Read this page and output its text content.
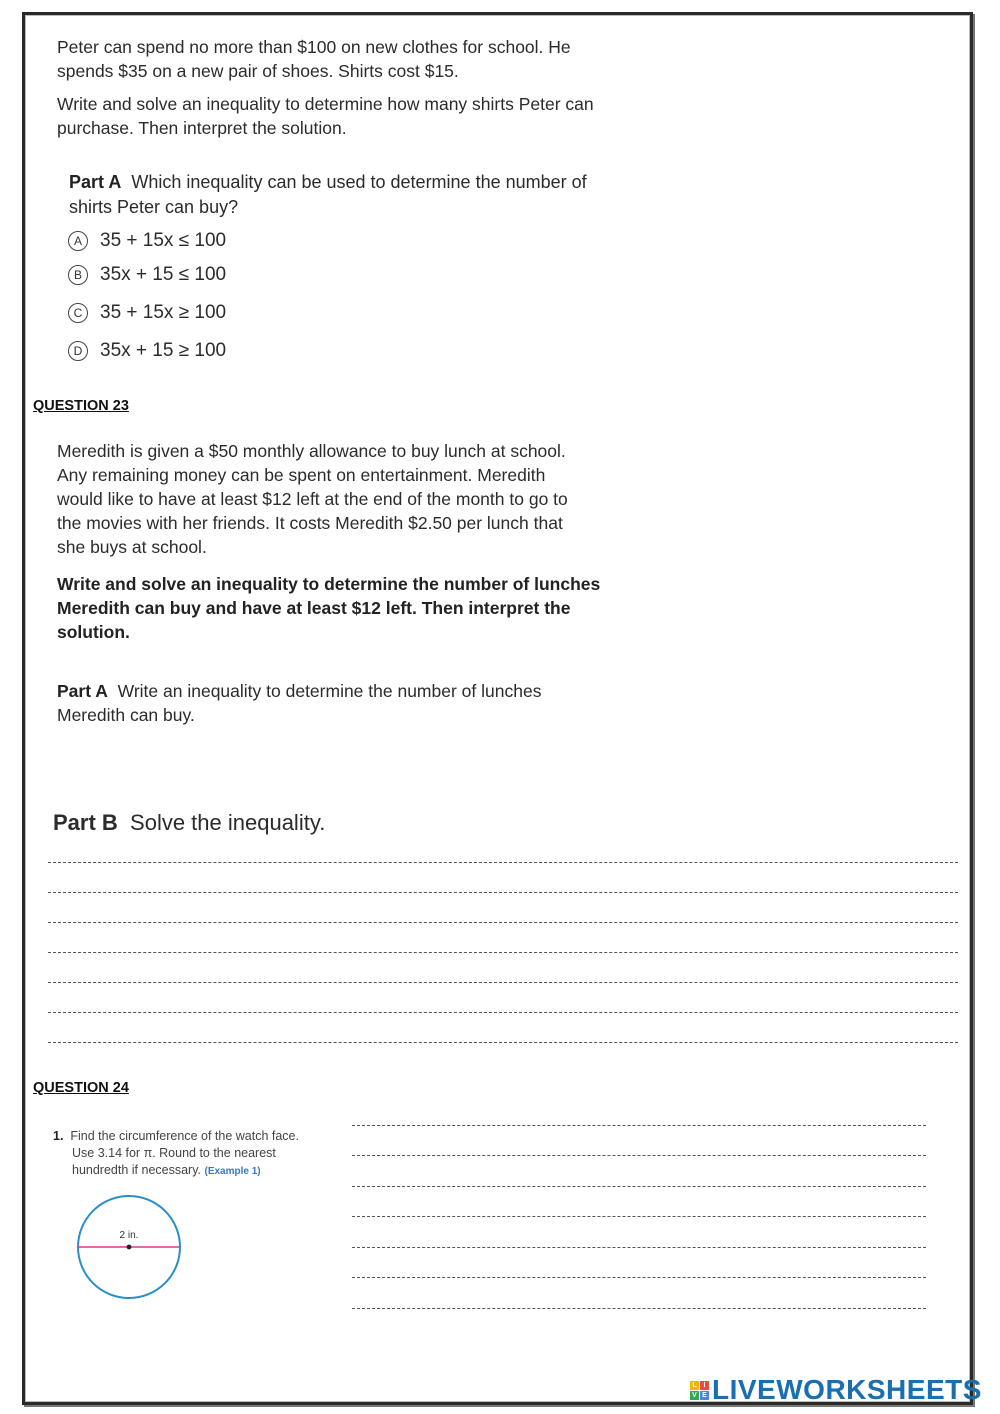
Peter can spend no more than $100 on new clothes for school. He
spends $35 on a new pair of shoes. Shirts cost $15.
Write and solve an inequality to determine how many shirts Peter can
purchase. Then interpret the solution.
Part A Which inequality can be used to determine the number of
shirts Peter can buy?
A 35 + 15x ≤ 100
B 35x + 15 ≤ 100
C 35 + 15x ≥ 100
D 35x + 15 ≥ 100
QUESTION 23
Meredith is given a $50 monthly allowance to buy lunch at school.
Any remaining money can be spent on entertainment. Meredith
would like to have at least $12 left at the end of the month to go to
the movies with her friends. It costs Meredith $2.50 per lunch that
she buys at school.
Write and solve an inequality to determine the number of lunches
Meredith can buy and have at least $12 left. Then interpret the
solution.
Part A Write an inequality to determine the number of lunches
Meredith can buy.
Part B Solve the inequality.
QUESTION 24
1. Find the circumference of the watch face.
Use 3.14 for π. Round to the nearest
hundredth if necessary. (Example 1)
2 in.
L I
V E LIVEWORKSHEETS
